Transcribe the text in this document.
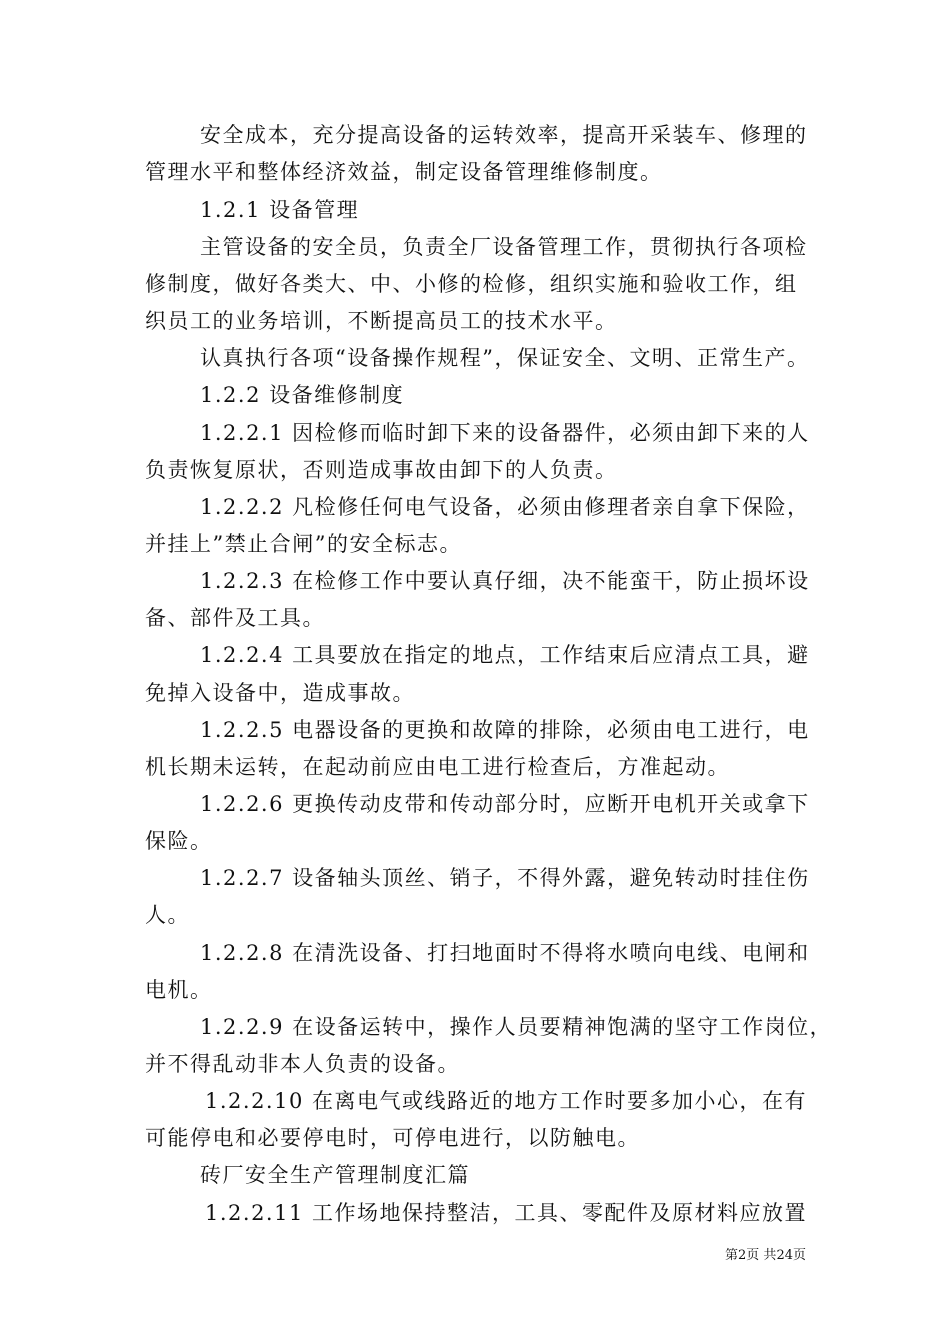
安全成本，充分提高设备的运转效率，提高开采装车、修理的
管理水平和整体经济效益，制定设备管理维修制度。
1.2.1 设备管理
主管设备的安全员，负责全厂设备管理工作，贯彻执行各项检
修制度，做好各类大、中、小修的检修，组织实施和验收工作，组
织员工的业务培训，不断提高员工的技术水平。
认真执行各项“设备操作规程”，保证安全、文明、正常生产。
1.2.2 设备维修制度
1.2.2.1 因检修而临时卸下来的设备器件，必须由卸下来的人
负责恢复原状，否则造成事故由卸下的人负责。
1.2.2.2 凡检修任何电气设备，必须由修理者亲自拿下保险，
并挂上”禁止合闸”的安全标志。
1.2.2.3 在检修工作中要认真仔细，决不能蛮干，防止损坏设
备、部件及工具。
1.2.2.4 工具要放在指定的地点，工作结束后应清点工具，避
免掉入设备中，造成事故。
1.2.2.5 电器设备的更换和故障的排除，必须由电工进行，电
机长期未运转，在起动前应由电工进行检查后，方准起动。
1.2.2.6 更换传动皮带和传动部分时，应断开电机开关或拿下
保险。
1.2.2.7 设备轴头顶丝、销子，不得外露，避免转动时挂住伤
人。
1.2.2.8 在清洗设备、打扫地面时不得将水喷向电线、电闸和
电机。
1.2.2.9 在设备运转中，操作人员要精神饱满的坚守工作岗位，
并不得乱动非本人负责的设备。
1.2.2.10 在离电气或线路近的地方工作时要多加小心，在有
可能停电和必要停电时，可停电进行，以防触电。
砖厂安全生产管理制度汇篇
1.2.2.11 工作场地保持整洁，工具、零配件及原材料应放置
第2页 共24页
